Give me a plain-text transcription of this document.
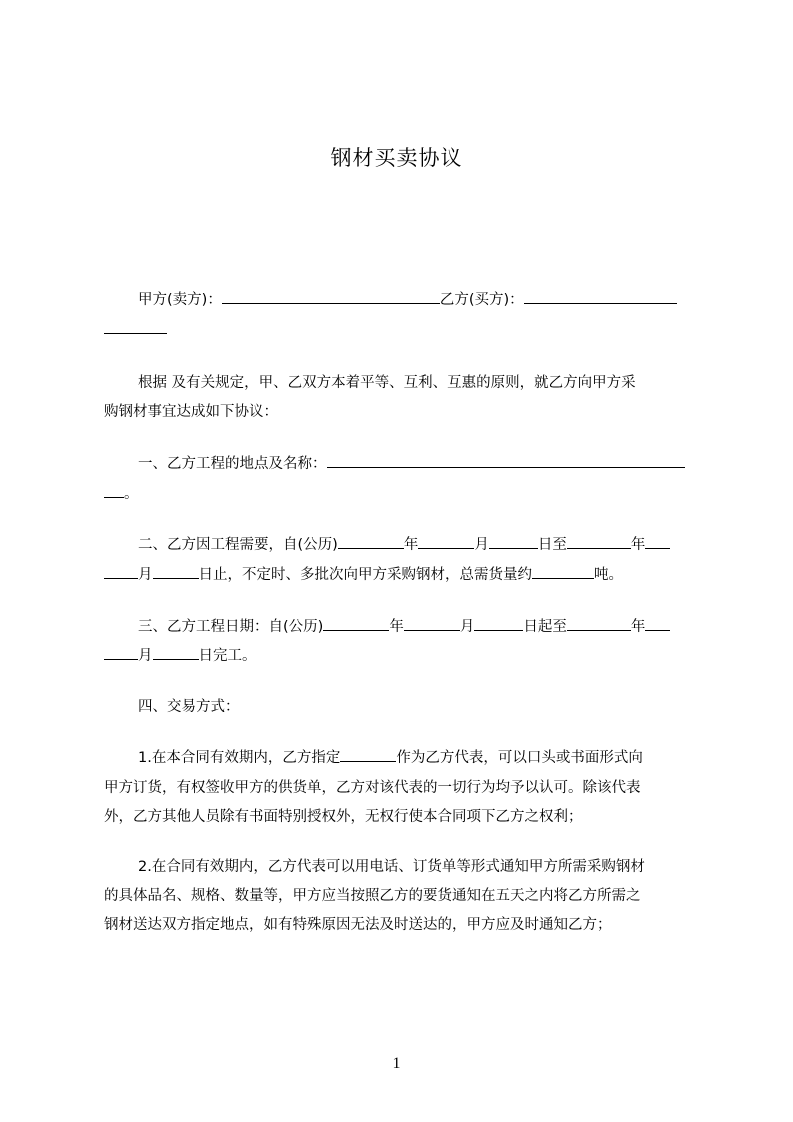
钢材买卖协议
甲方(卖方)：	乙方(买方)：
根据 及有关规定，甲、乙双方本着平等、互利、互惠的原则，就乙方向甲方采
购钢材事宜达成如下协议：
一、乙方工程的地点及名称：
。
二、乙方因工程需要，自(公历)	年	月	日至	年
月	日止，不定时、多批次向甲方采购钢材，总需货量约	吨。
三、乙方工程日期：自(公历)	年	月	日起至	年
月	日完工。
四、交易方式：
1.在本合同有效期内，乙方指定	作为乙方代表，可以口头或书面形式向
甲方订货，有权签收甲方的供货单，乙方对该代表的一切行为均予以认可。除该代表
外，乙方其他人员除有书面特别授权外，无权行使本合同项下乙方之权利；
2.在合同有效期内，乙方代表可以用电话、订货单等形式通知甲方所需采购钢材
的具体品名、规格、数量等，甲方应当按照乙方的要货通知在五天之内将乙方所需之
钢材送达双方指定地点，如有特殊原因无法及时送达的，甲方应及时通知乙方；
1
